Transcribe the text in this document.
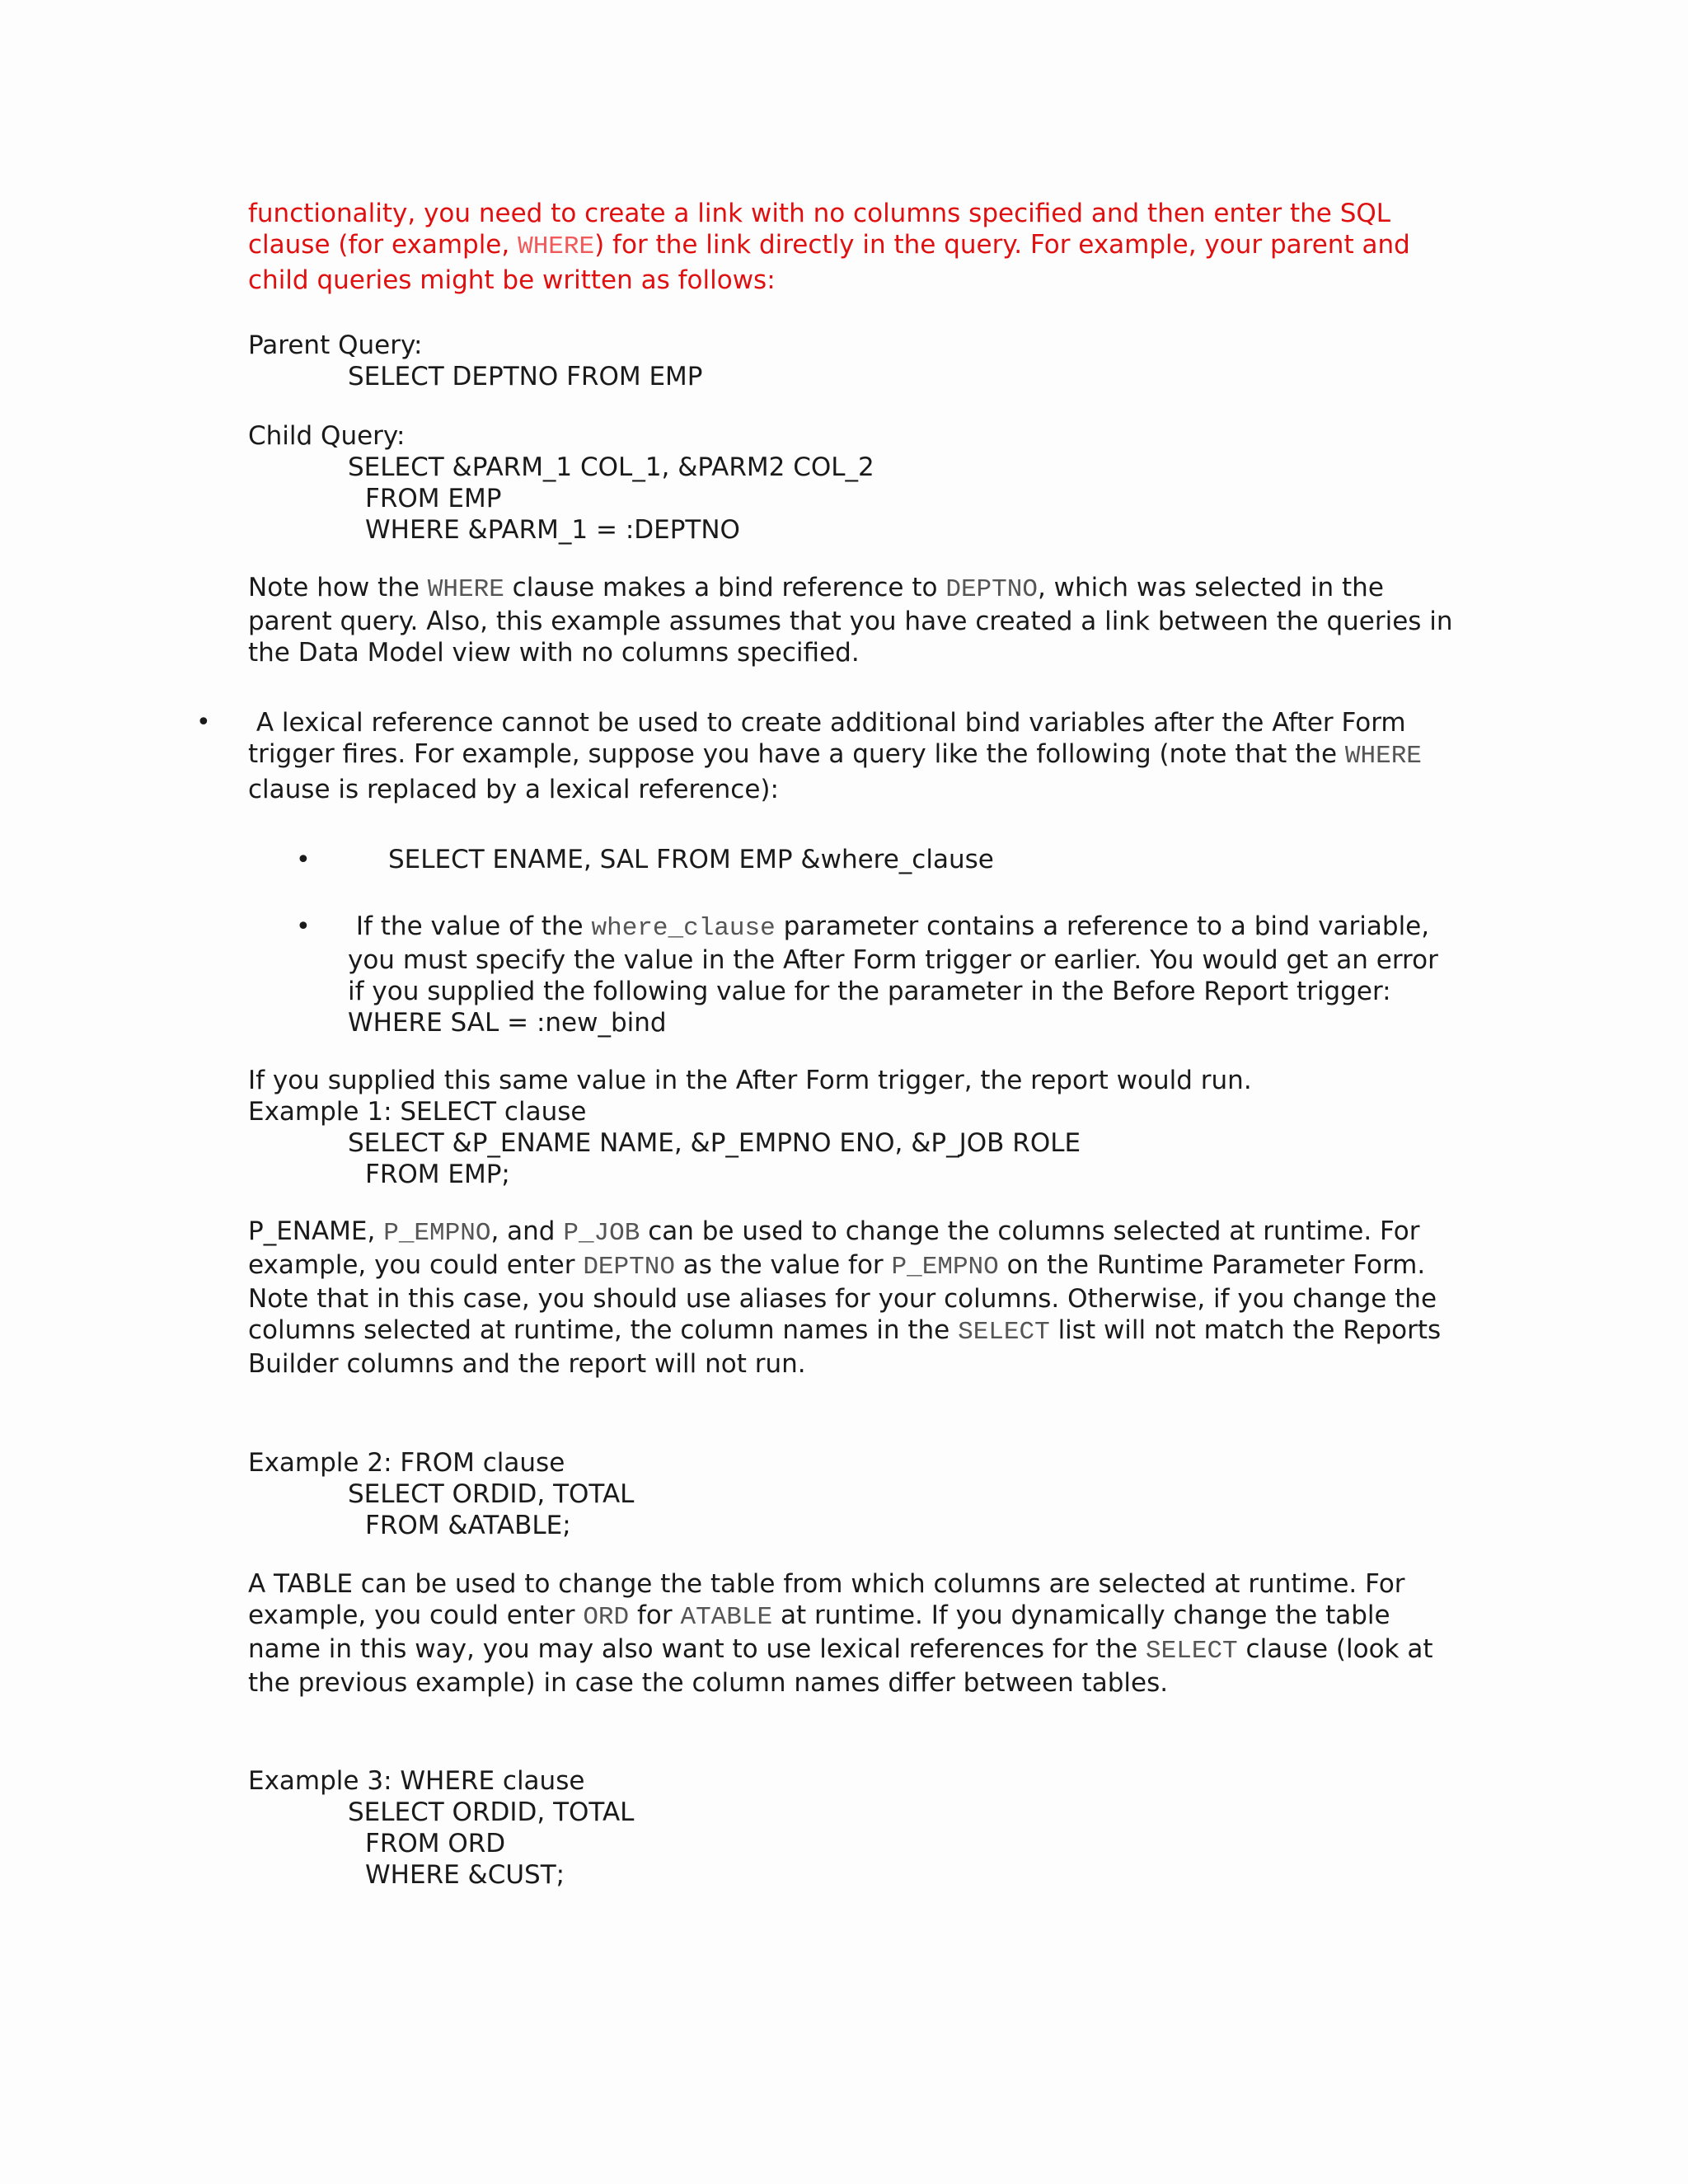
functionality, you need to create a link with no columns specified and then enter the SQL
clause (for example, WHERE) for the link directly in the query. For example, your parent and
child queries might be written as follows:
Parent Query:
SELECT DEPTNO FROM EMP
Child Query:
SELECT &PARM_1 COL_1, &PARM2 COL_2
FROM EMP
WHERE &PARM_1 = :DEPTNO
Note how the WHERE clause makes a bind reference to DEPTNO, which was selected in the
parent query. Also, this example assumes that you have created a link between the queries in
the Data Model view with no columns specified.
• A lexical reference cannot be used to create additional bind variables after the After Form
trigger fires. For example, suppose you have a query like the following (note that the WHERE
clause is replaced by a lexical reference):
•	SELECT ENAME, SAL FROM EMP &where_clause
• If the value of the where_clause parameter contains a reference to a bind variable,
you must specify the value in the After Form trigger or earlier. You would get an error
if you supplied the following value for the parameter in the Before Report trigger:
WHERE SAL = :new_bind
If you supplied this same value in the After Form trigger, the report would run.
Example 1: SELECT clause
SELECT &P_ENAME NAME, &P_EMPNO ENO, &P_JOB ROLE
FROM EMP;
P_ENAME, P_EMPNO, and P_JOB can be used to change the columns selected at runtime. For
example, you could enter DEPTNO as the value for P_EMPNO on the Runtime Parameter Form.
Note that in this case, you should use aliases for your columns. Otherwise, if you change the
columns selected at runtime, the column names in the SELECT list will not match the Reports
Builder columns and the report will not run.
Example 2: FROM clause
SELECT ORDID, TOTAL
FROM &ATABLE;
A TABLE can be used to change the table from which columns are selected at runtime. For
example, you could enter ORD for ATABLE at runtime. If you dynamically change the table
name in this way, you may also want to use lexical references for the SELECT clause (look at
the previous example) in case the column names differ between tables.
Example 3: WHERE clause
SELECT ORDID, TOTAL
FROM ORD
WHERE &CUST;
